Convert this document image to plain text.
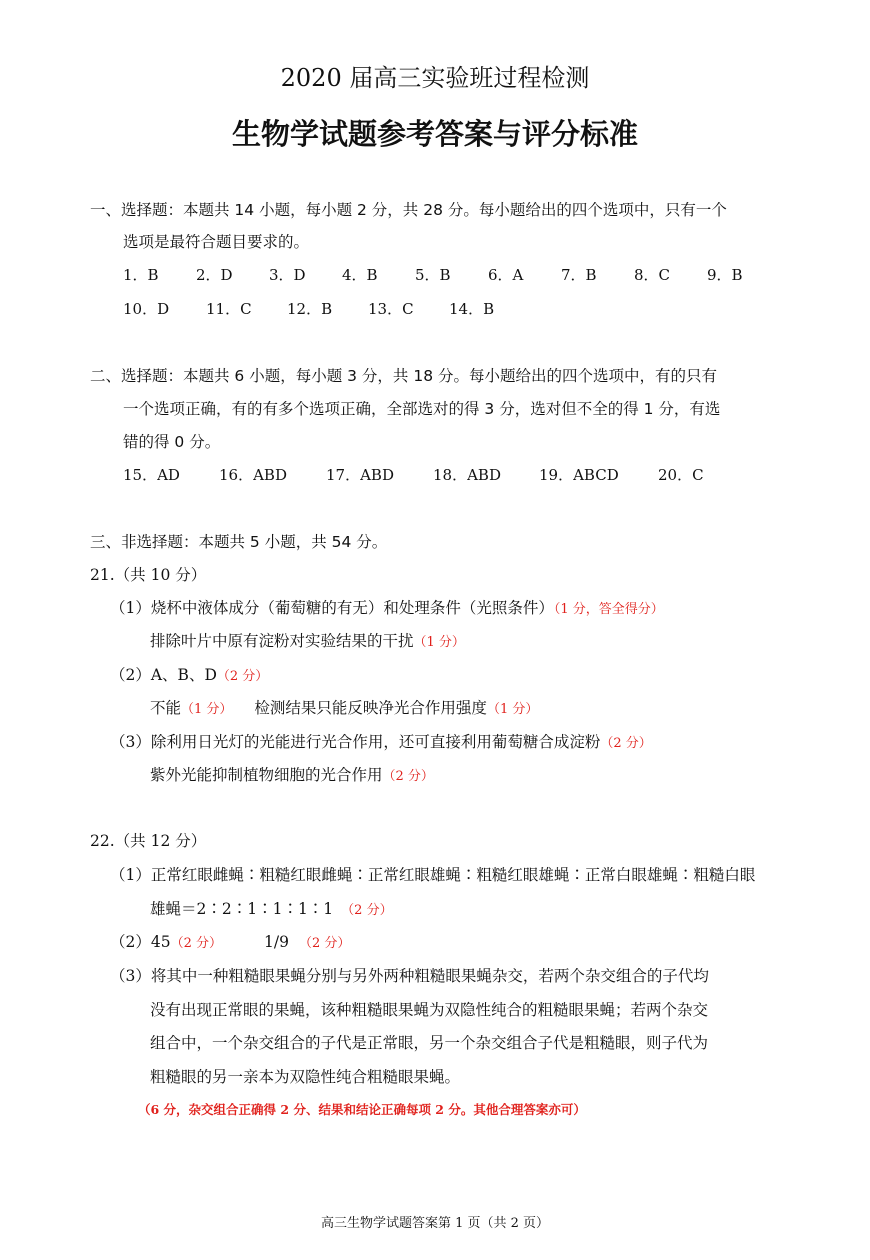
2020 届高三实验班过程检测
生物学试题参考答案与评分标准
一、选择题：本题共 14 小题，每小题 2 分，共 28 分。每小题给出的四个选项中，只有一个
选项是最符合题目要求的。
1．B 2．D 3．D 4．B 5．B 6．A	7．B 8．C 9．B
10．D 11．C 12．B 13．C 14．B
二、选择题：本题共 6 小题，每小题 3 分，共 18 分。每小题给出的四个选项中，有的只有
一个选项正确，有的有多个选项正确，全部选对的得 3 分，选对但不全的得 1 分，有选
错的得 0 分。
15．AD	16．ABD	17．ABD	18．ABD	19．ABCD	20．C
三、非选择题：本题共 5 小题，共 54 分。
21.（共 10 分）
（1）烧杯中液体成分（葡萄糖的有无）和处理条件（光照条件）（1 分，答全得分）
排除叶片中原有淀粉对实验结果的干扰（1 分）
（2）A、B、D（2 分）
不能（1 分） 检测结果只能反映净光合作用强度（1 分）
（3）除利用日光灯的光能进行光合作用，还可直接利用葡萄糖合成淀粉（2 分）
紫外光能抑制植物细胞的光合作用（2 分）
22.（共 12 分）
（1）正常红眼雌蝇∶粗糙红眼雌蝇∶正常红眼雄蝇∶粗糙红眼雄蝇∶正常白眼雄蝇∶粗糙白眼
雄蝇＝2∶2∶1∶1∶1∶1 （2 分）
（2）45（2 分）	1/9 （2 分）
（3）将其中一种粗糙眼果蝇分别与另外两种粗糙眼果蝇杂交，若两个杂交组合的子代均
没有出现正常眼的果蝇，该种粗糙眼果蝇为双隐性纯合的粗糙眼果蝇；若两个杂交
组合中，一个杂交组合的子代是正常眼，另一个杂交组合子代是粗糙眼，则子代为
粗糙眼的另一亲本为双隐性纯合粗糙眼果蝇。
（6 分，杂交组合正确得 2 分、结果和结论正确每项 2 分。其他合理答案亦可）
高三生物学试题答案第 1 页（共 2 页）
